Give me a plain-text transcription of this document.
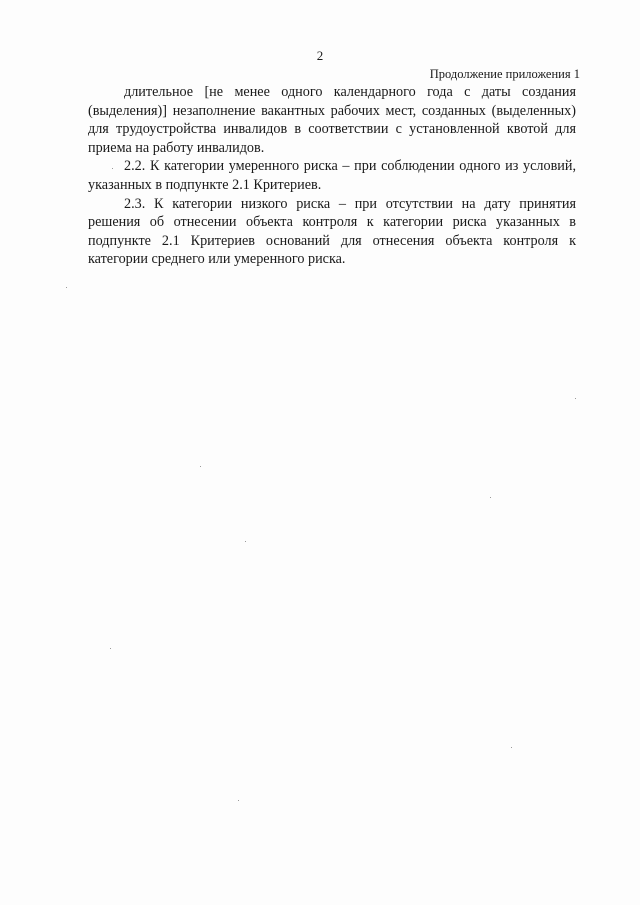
2
Продолжение приложения 1

длительное [не менее одного календарного года с даты создания (выделения)] незаполнение вакантных рабочих мест, созданных (выделенных) для трудоустройства инвалидов в соответствии с установленной квотой для приема на работу инвалидов.

2.2. К категории умеренного риска – при соблюдении одного из условий, указанных в подпункте 2.1 Критериев.

2.3. К категории низкого риска – при отсутствии на дату принятия решения об отнесении объекта контроля к категории риска указанных в подпункте 2.1 Критериев оснований для отнесения объекта контроля к категории среднего или умеренного риска.
